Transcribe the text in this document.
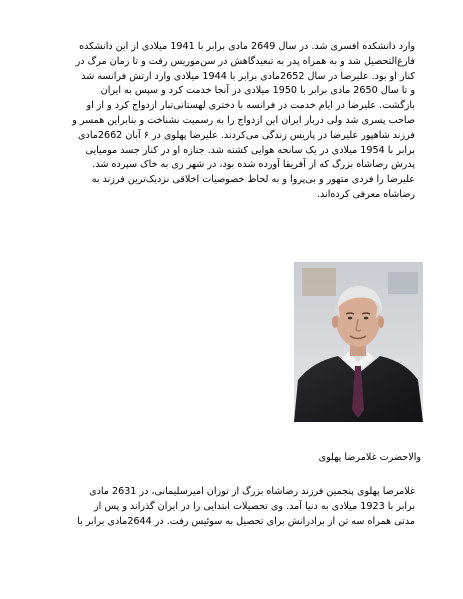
وارد دانشکده افسری شد. در سال 2649 مادی برابر با 1941 میلادی از این دانشکده
فارغ‌التحصیل شد و به همراه پدر به تبعیدگاهش در سن‌موریس رفت و تا زمان مرگ در
کنار او بود. علیرضا در سال 2652مادی برابر با 1944 میلادی وارد ارتش فرانسه شد
و تا سال 2650 مادی برابر با 1950 میلادی در آنجا خدمت کرد و سپس به ایران
بازگشت. علیرضا در ایام خدمت در فرانسه با دختری لهستانی‌تبار ازدواج کرد و از او
صاحب پسری شد ولی دربار ایران این ازدواج را به رسمیت نشناخت و بنابراین همسر و
فرزند شاهپور علیرضا در پاریس زندگی می‌کردند. علیرضا پهلوی در ۶ آبان 2662مادی
برابر با 1954 میلادی در یک سانحه هوایی کشته شد. جنازه او در کنار جسد مومیایی
پدرش رضاشاه بزرگ که از آفریقا آورده شده بود، در شهر ری به خاک سپرده شد.
علیرضا را فردی متهور و بی‌پروا و به لحاظ خصوصیات اخلاقی نزدیک‌ترین فرزند به
رضاشاه معرفی کرده‌اند.
والاحضرت غلامرضا پهلوی
غلامرضا پهلوی پنجمین فرزند رضاشاه بزرگ از توران امیرسلیمانی، در 2631 مادی
برابر با 1923 میلادی به دنیا آمد. وی تحصیلات ابتدایی را در ایران گذراند و پس از
مدتی همراه سه تن از برادرانش برای تحصیل به سوئیس رفت. در 2644مادی برابر با
